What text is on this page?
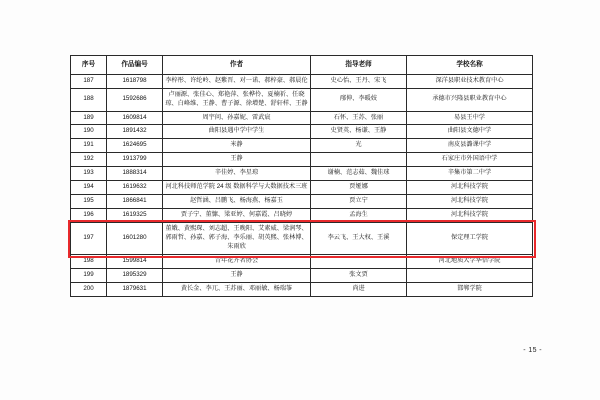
序号	作品编号	作者	指导老师	学校名称
187	1618798	李梓彤、许纶岭、赵紫晋、对一诺、郝梓豪、郝晨伦	史心怡、王丹、宋飞	深洋县职业技术教育中心
188	1592686	卢丽源、张佳心、郑艳萍、张桦伶、夏楠祈、任晓琼、白峰维、王静、曹子源、徐增楚、舒轩样、王静	邴伸、李暖妓	承德市兴隆县职业教育中心
189	1609814	周宇问、孙嘉妮、雷武宸	石怀、王苏、张丽	易县王中学
190	1891432	曲阳县遇中学中学生	史贤英、杨谦、王静	曲阳县文德中学
191	1624695	米静	光	南皮县潞课中学
192	1913799	王静		石家庄市外国语中学
193	1888314	辛佳婷、李星琼	谢楠、范志茹、魏佳球	辛集市第二中学
194	1619632	河北科技师范学院 24 级 数据科学与大数据技术三班	贾娅娜	河北科技学院
195	1866841	赵哲涵、吕鹏飞、杨海燕、杨嘉玉	贾立宁	河北科技学院
196	1619325	贾子宁、董慷、梁亚婷、何嘉霞、吕晓婷	孟海生	河北科技学院
197	1601280	董娥、黄熙琛、刘志超、王晚阳、艾素威、梁润琴、郭雨哲、孙嘉、郭子海、李乐丽、胡英熙、张林博、朱雨欣	李云飞、王大权、王溪	保定理工学院
198	1599814	青年花卉者协会		河北地质大学华信学院
199	1895329	王静	张文贾	
200	1879631	黄长金、李兀、王苏丽、邓丽敏、杨瑞筝	尚进	邯郸学院
- 15 -
